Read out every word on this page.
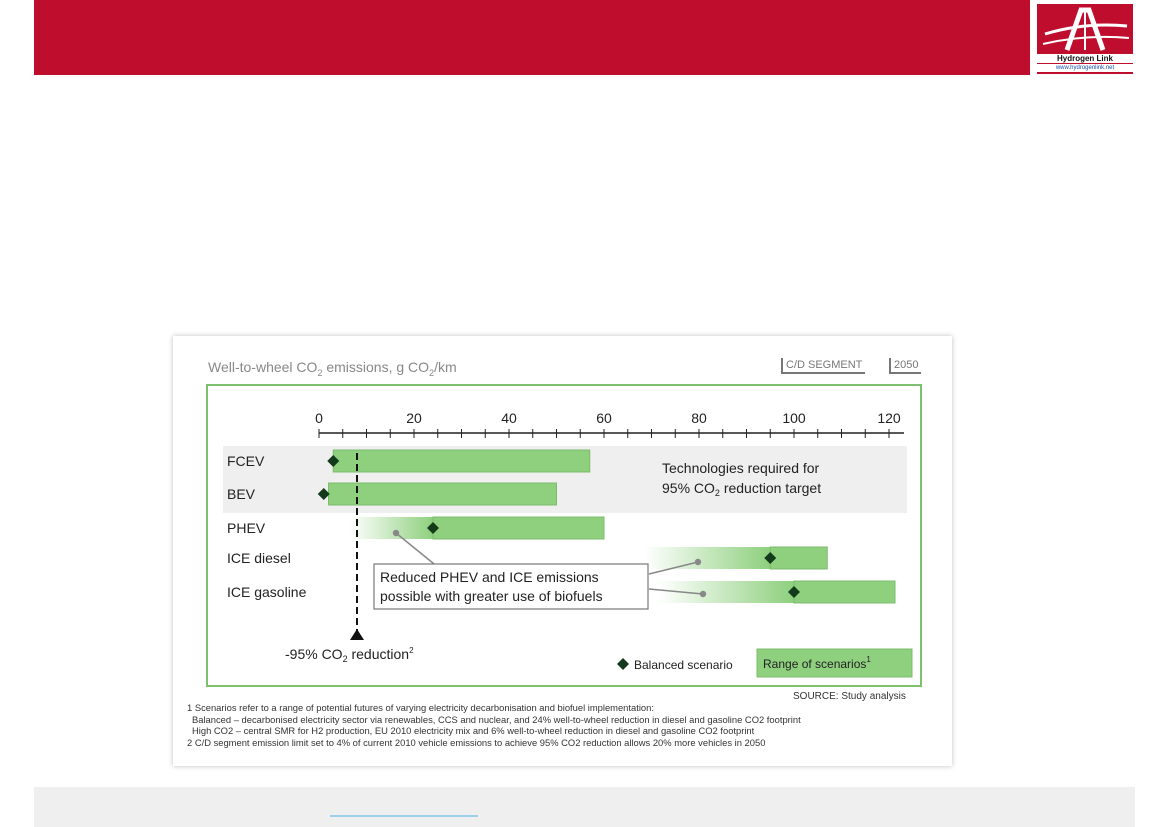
Hydrogen Link
www.hydrogenlink.net
Well-to-wheel $CO_2$ emissions, g $CO_2/km$	C/D SEGMENT	2050
0	20	40	60	80	100	120
FCEV
BEV
PHEV
ICE diesel
ICE gasoline
-95% $CO_2$ reduction$^2$
Technologies required for
95% $CO_2$ reduction target
Reduced PHEV and ICE emissions
possible with greater use of biofuels
Balanced scenario	Range of scenarios$^1$
SOURCE: Study analysis
1 Scenarios refer to a range of potential futures of varying electricity decarbonisation and biofuel implementation:
Balanced – decarbonised electricity sector via renewables, CCS and nuclear, and 24% well-to-wheel reduction in diesel and gasoline CO2 footprint
High CO2 – central SMR for H2 production, EU 2010 electricity mix and 6% well-to-wheel reduction in diesel and gasoline CO2 footprint
2 C/D segment emission limit set to 4% of current 2010 vehicle emissions to achieve 95% CO2 reduction allows 20% more vehicles in 2050
